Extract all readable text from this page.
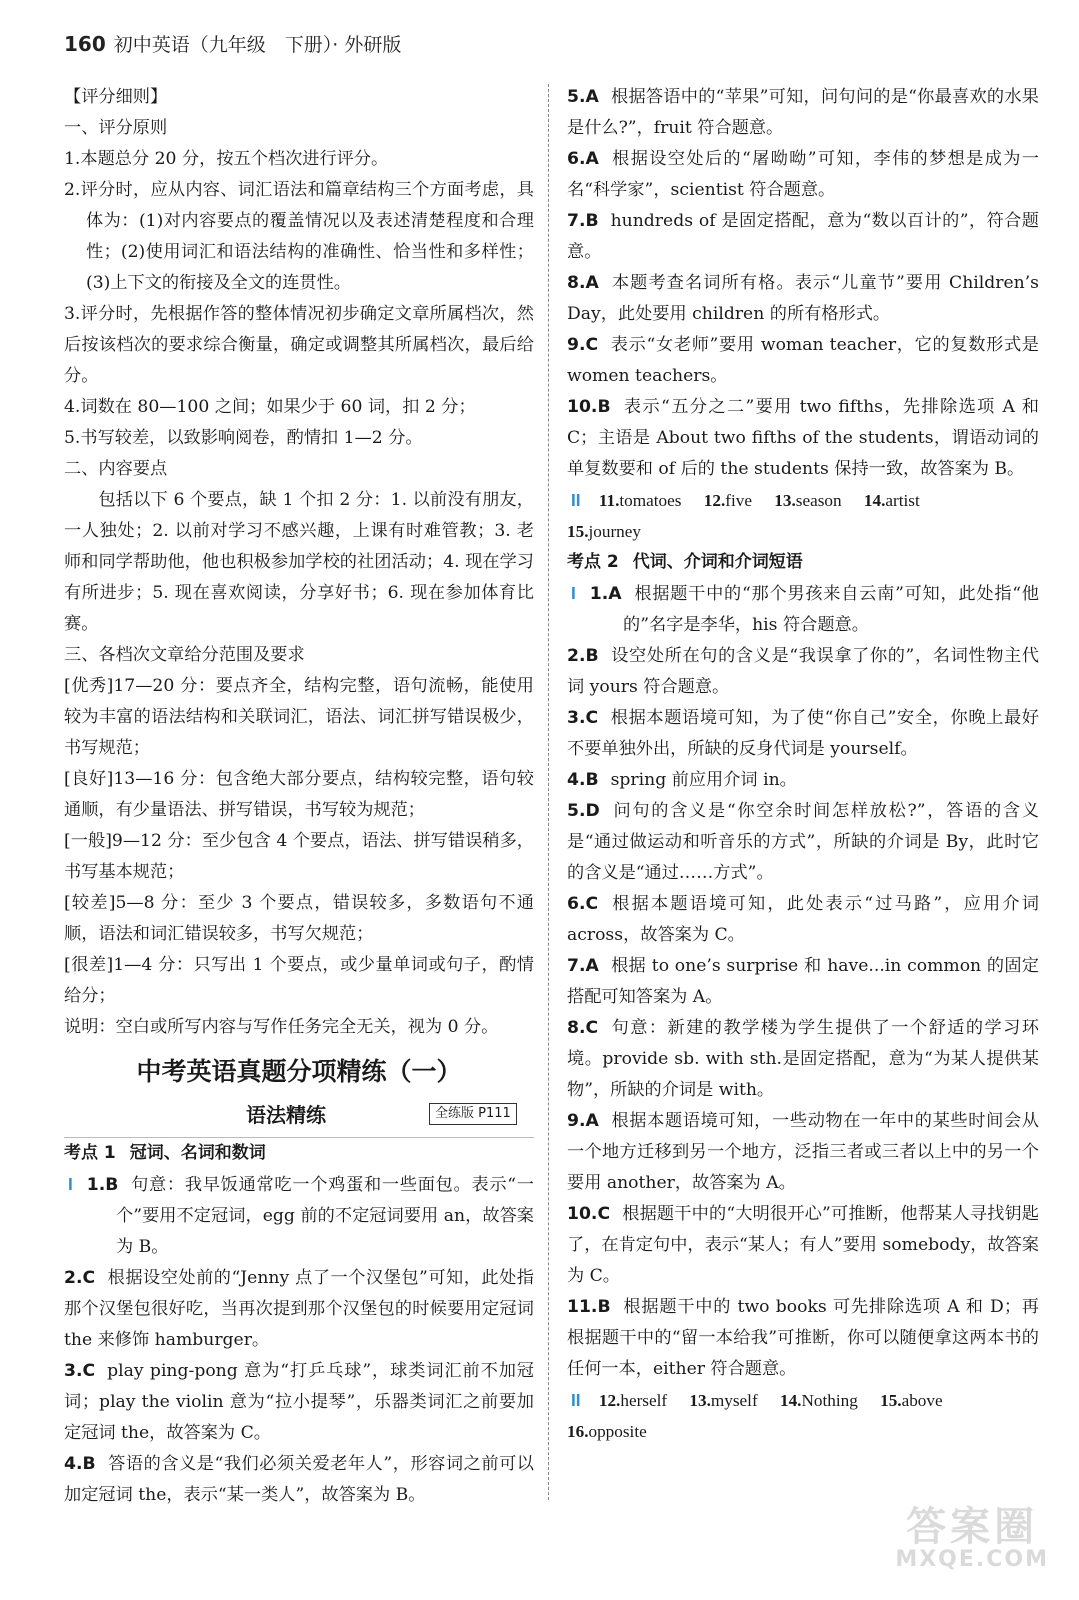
160 初中英语（九年级　下册）· 外研版

【评分细则】

一、评分原则

1.本题总分 20 分，按五个档次进行评分。

2.评分时，应从内容、词汇语法和篇章结构三个方面考虑，具体为：(1)对内容要点的覆盖情况以及表述清楚程度和合理性；(2)使用词汇和语法结构的准确性、恰当性和多样性；(3)上下文的衔接及全文的连贯性。

3.评分时，先根据作答的整体情况初步确定文章所属档次，然后按该档次的要求综合衡量，确定或调整其所属档次，最后给分。

4.词数在 80—100 之间；如果少于 60 词，扣 2 分；

5.书写较差，以致影响阅卷，酌情扣 1—2 分。

二、内容要点

包括以下 6 个要点，缺 1 个扣 2 分：1. 以前没有朋友，一人独处；2. 以前对学习不感兴趣，上课有时难管教；3. 老师和同学帮助他，他也积极参加学校的社团活动；4. 现在学习有所进步；5. 现在喜欢阅读，分享好书；6. 现在参加体育比赛。

三、各档次文章给分范围及要求

[优秀]17—20 分：要点齐全，结构完整，语句流畅，能使用较为丰富的语法结构和关联词汇，语法、词汇拼写错误极少，书写规范；

[良好]13—16 分：包含绝大部分要点，结构较完整，语句较通顺，有少量语法、拼写错误，书写较为规范；

[一般]9—12 分：至少包含 4 个要点，语法、拼写错误稍多，书写基本规范；

[较差]5—8 分：至少 3 个要点，错误较多，多数语句不通顺，语法和词汇错误较多，书写欠规范；

[很差]1—4 分：只写出 1 个要点，或少量单词或句子，酌情给分；

说明：空白或所写内容与写作任务完全无关，视为 0 分。

中考英语真题分项精练（一）

语法精练	全练版 P111

考点 1 冠词、名词和数词

I 1.B 句意：我早饭通常吃一个鸡蛋和一些面包。表示“一个”要用不定冠词，egg 前的不定冠词要用 an，故答案为 B。

2.C 根据设空处前的“Jenny 点了一个汉堡包”可知，此处指那个汉堡包很好吃，当再次提到那个汉堡包的时候要用定冠词 the 来修饰 hamburger。

3.C play ping-pong 意为“打乒乓球”，球类词汇前不加冠词；play the violin 意为“拉小提琴”，乐器类词汇之前要加定冠词 the，故答案为 C。

4.B 答语的含义是“我们必须关爱老年人”，形容词之前可以加定冠词 the，表示“某一类人”，故答案为 B。

5.A 根据答语中的“苹果”可知，问句问的是“你最喜欢的水果是什么?”，fruit 符合题意。

6.A 根据设空处后的“屠呦呦”可知，李伟的梦想是成为一名“科学家”，scientist 符合题意。

7.B hundreds of 是固定搭配，意为“数以百计的”，符合题意。

8.A 本题考查名词所有格。表示“儿童节”要用 Children’s Day，此处要用 children 的所有格形式。

9.C 表示“女老师”要用 woman teacher，它的复数形式是 women teachers。

10.B 表示“五分之二”要用 two fifths，先排除选项 A 和 C；主语是 About two fifths of the students，谓语动词的单复数要和 of 后的 the students 保持一致，故答案为 B。

II 11.tomatoes 12.five 13.season 14.artist

15.journey

考点 2 代词、介词和介词短语

I 1.A 根据题干中的“那个男孩来自云南”可知，此处指“他的”名字是李华，his 符合题意。

2.B 设空处所在句的含义是“我误拿了你的”，名词性物主代词 yours 符合题意。

3.C 根据本题语境可知，为了使“你自己”安全，你晚上最好不要单独外出，所缺的反身代词是 yourself。

4.B spring 前应用介词 in。

5.D 问句的含义是“你空余时间怎样放松?”，答语的含义是“通过做运动和听音乐的方式”，所缺的介词是 By，此时它的含义是“通过……方式”。

6.C 根据本题语境可知，此处表示“过马路”，应用介词 across，故答案为 C。

7.A 根据 to one’s surprise 和 have...in common 的固定搭配可知答案为 A。

8.C 句意：新建的教学楼为学生提供了一个舒适的学习环境。provide sb. with sth.是固定搭配，意为“为某人提供某物”，所缺的介词是 with。

9.A 根据本题语境可知，一些动物在一年中的某些时间会从一个地方迁移到另一个地方，泛指三者或三者以上中的另一个要用 another，故答案为 A。

10.C 根据题干中的“大明很开心”可推断，他帮某人寻找钥匙了，在肯定句中，表示“某人；有人”要用 somebody，故答案为 C。

11.B 根据题干中的 two books 可先排除选项 A 和 D；再根据题干中的“留一本给我”可推断，你可以随便拿这两本书的任何一本，either 符合题意。

II 12.herself 13.myself 14.Nothing 15.above

16.opposite

答案圈
MXQE.COM
